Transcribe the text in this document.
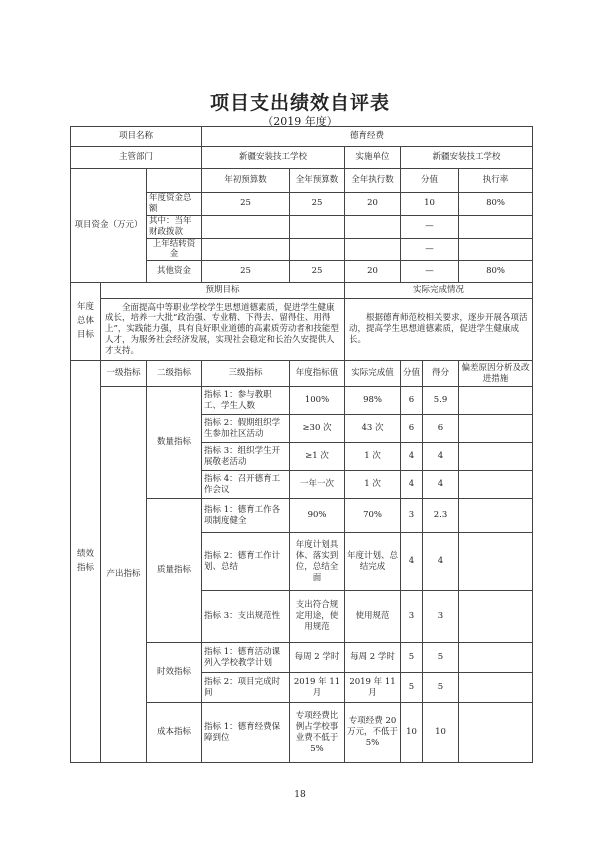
项目支出绩效自评表
（2019 年度）
项目名称			德育经费						
主管部门			新疆安装技工学校		实施单位	新疆安装技工学校			
项目资金（万元）			年初预算数	全年预算数	全年执行数	分值		执行率	
		年度资金总额	25	25	20	10		80%	
		其中：当年财政拨款				—		
		上年结转资金				—		
		其他资金	25	25	20	—		80%	
年度总体目标	预期目标				实际完成情况				
	全面提高中等职业学校学生思想道德素质，促进学生健康成长，培养一大批“政治强、专业精、下得去、留得住、用得上”，实践能力强，具有良好职业道德的高素质劳动者和技能型人才，为服务社会经济发展，实现社会稳定和长治久安提供人才支持。				根据德育师范校相关要求，逐步开展各项活动，提高学生思想道德素质，促进学生健康成长。				
绩效指标	一级指标	二级指标	三级指标	年度指标值	实际完成值	分值	得分	偏差原因分析及改进措施	
	产出指标	数量指标	指标 1：参与教职工、学生人数	100%	98%	6	5.9		
			指标 2：假期组织学生参加社区活动	≥30 次	43 次	6	6		
			指标 3：组织学生开展敬老活动	≥1 次	1 次	4	4		
			指标 4：召开德育工作会议	一年一次	1 次	4	4		
		质量指标	指标 1：德育工作各项制度健全	90%	70%	3	2.3		
			指标 2：德育工作计划、总结	年度计划具体、落实到位，总结全面	年度计划、总结完成	4	4		
			指标 3：支出规范性	支出符合规定用途，使用规范	使用规范	3	3		
		时效指标	指标 1：德育活动课列入学校教学计划	每周 2 学时	每周 2 学时	5	5		
			指标 2：项目完成时间	2019 年 11 月	2019 年 11 月	5	5		
		成本指标	指标 1：德育经费保障到位	专项经费比例占学校事业费不低于 5%	专项经费 20 万元，不低于 5%	10	10		
18
